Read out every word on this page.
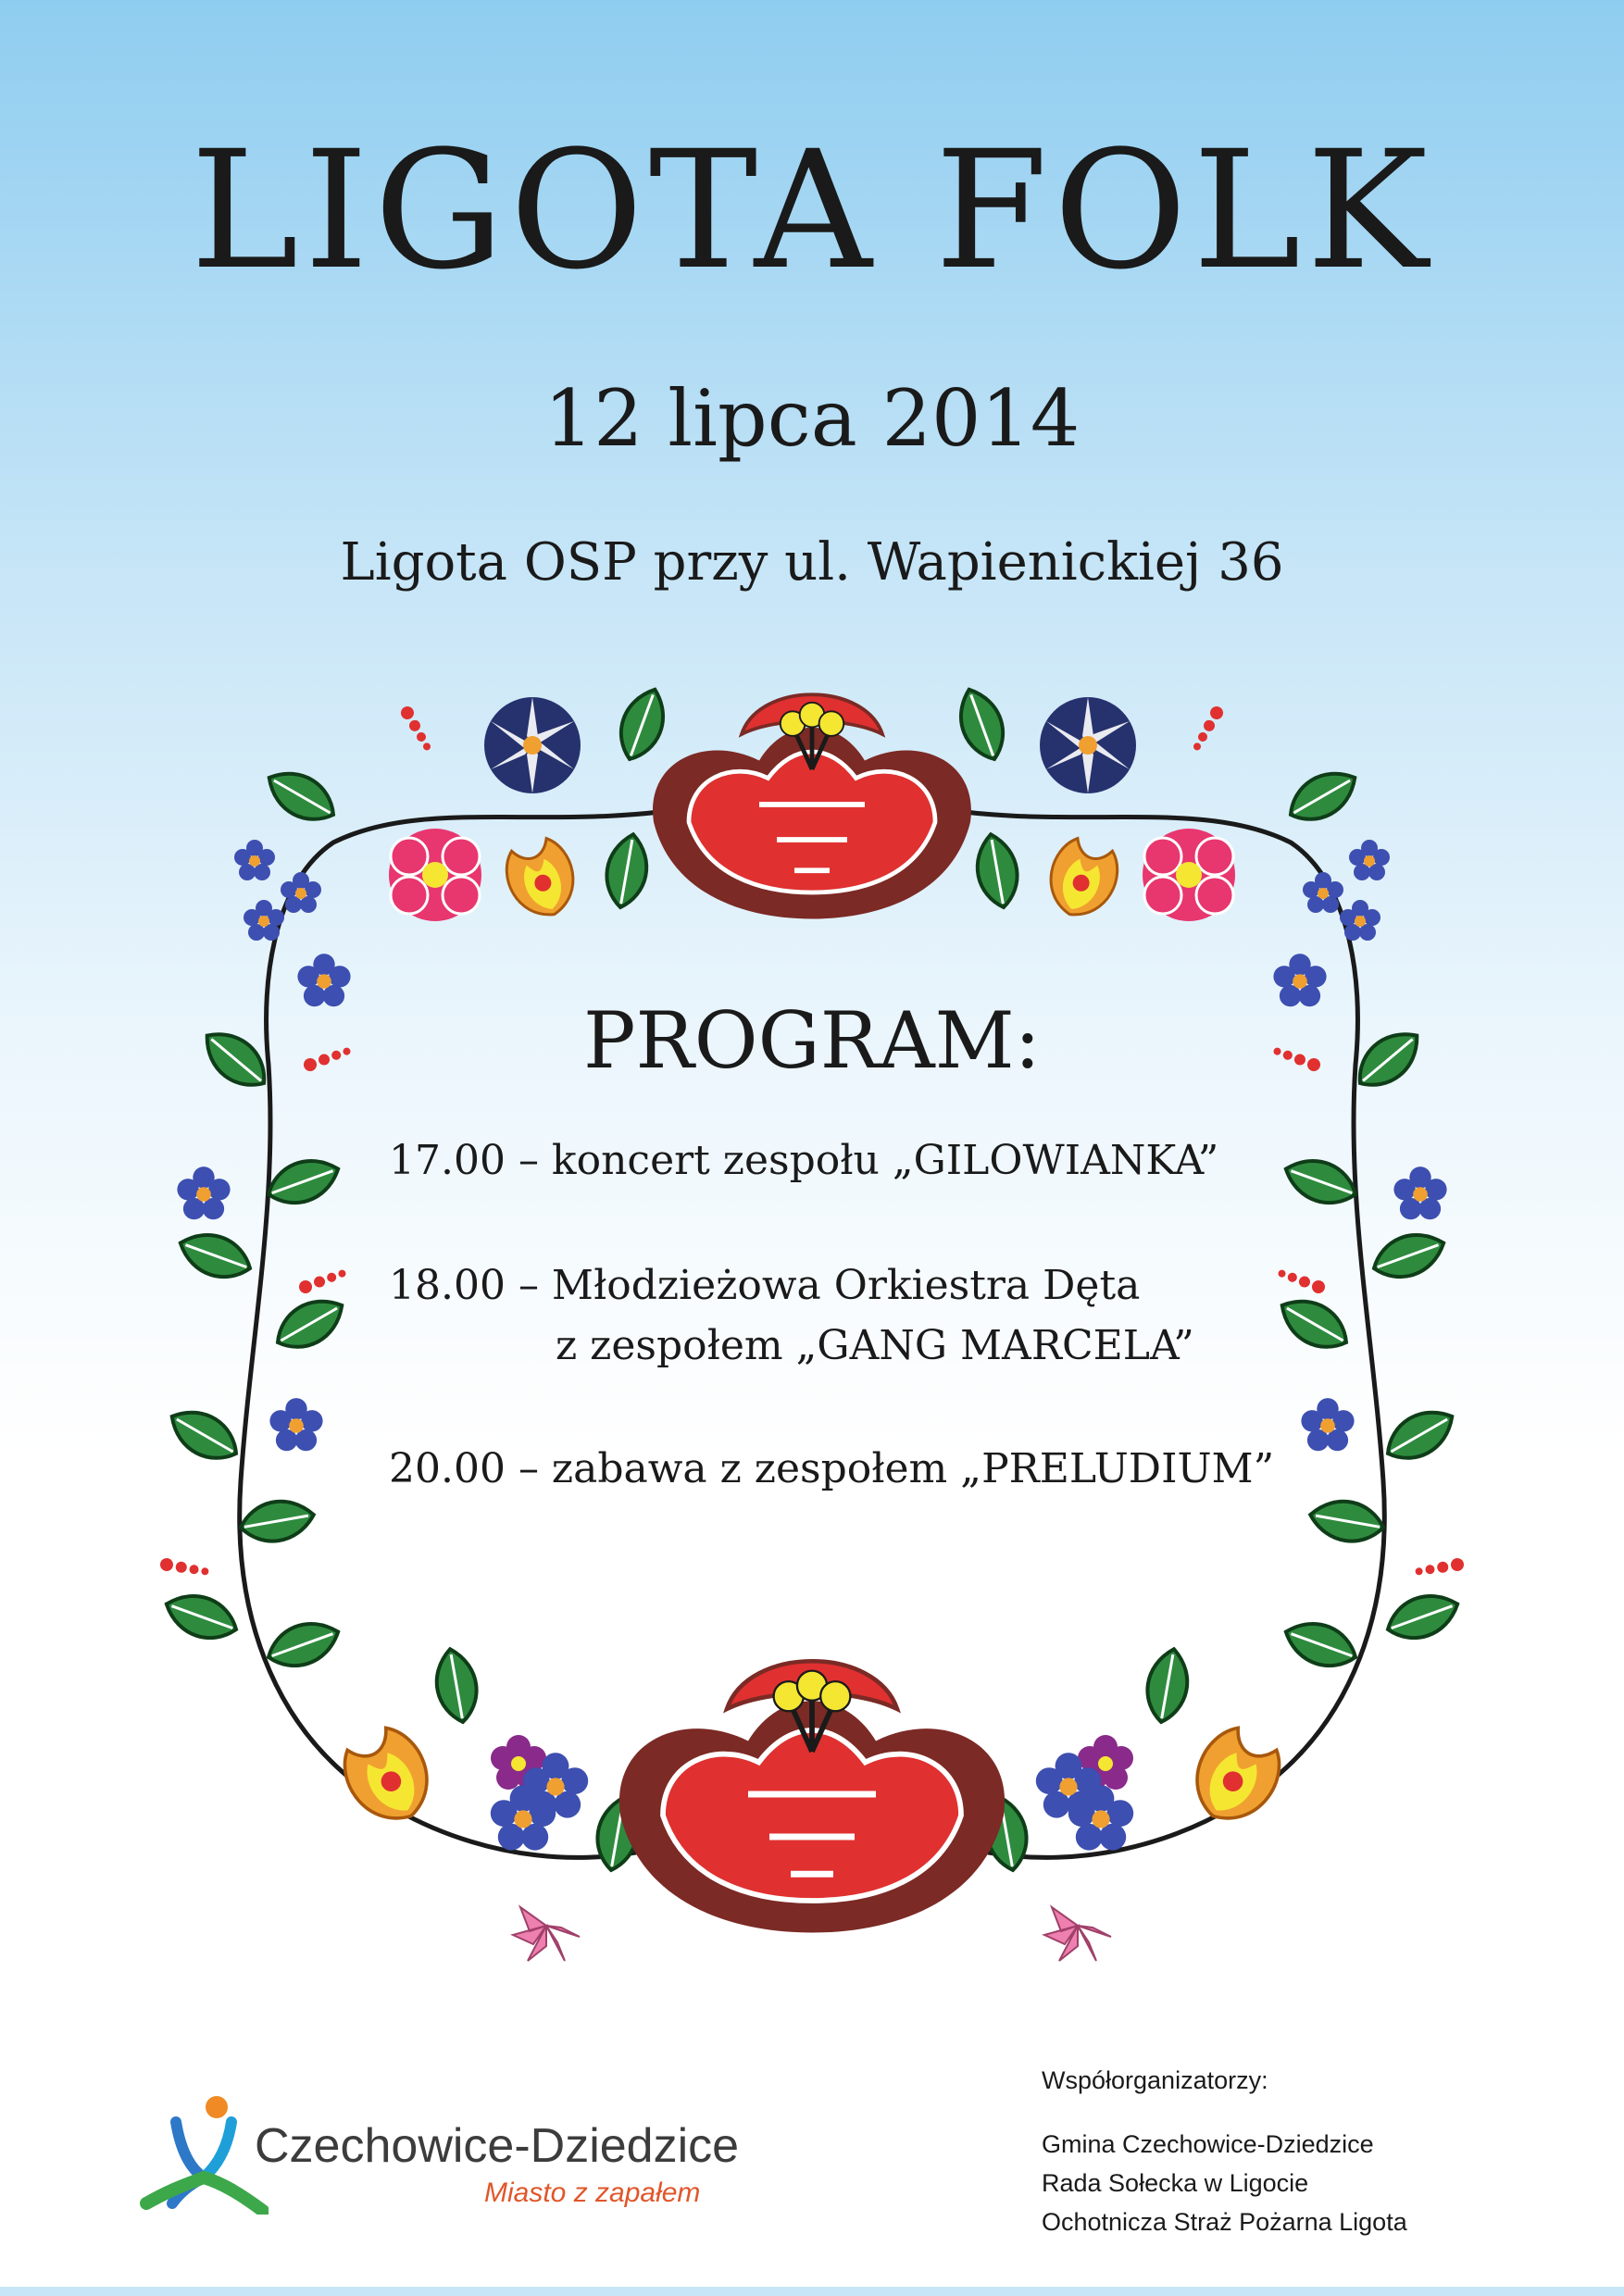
LIGOTA FOLK
12 lipca 2014
Ligota OSP przy ul. Wapienickiej 36
PROGRAM:
17.00 – koncert zespołu „GILOWIANKA”
18.00 – Młodzieżowa Orkiestra Dęta
z zespołem „GANG MARCELA”
20.00 – zabawa z zespołem „PRELUDIUM”
Czechowice-Dziedzice
Miasto z zapałem
Współorganizatorzy:
Gmina Czechowice-Dziedzice
Rada Sołecka w Ligocie
Ochotnicza Straż Pożarna Ligota
